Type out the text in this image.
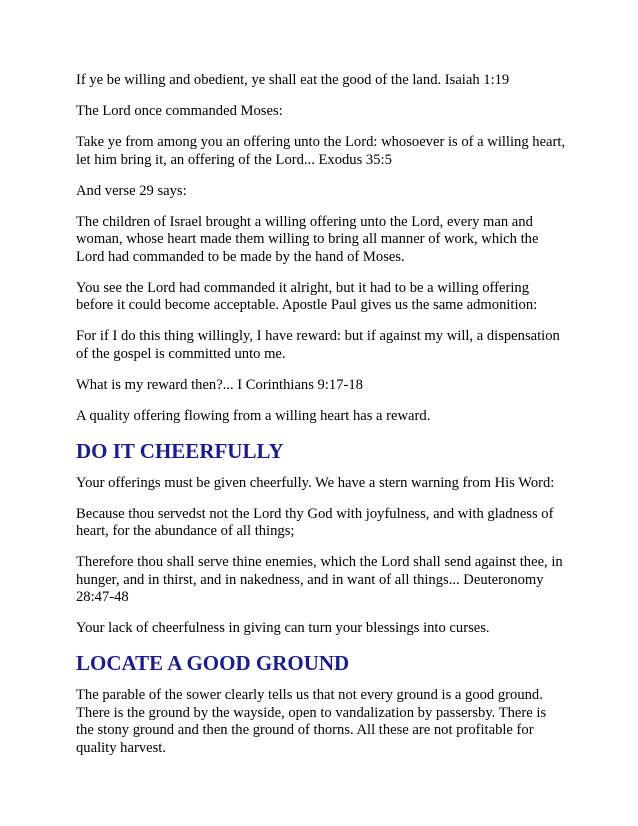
If ye be willing and obedient, ye shall eat the good of the land. Isaiah 1:19

The Lord once commanded Moses:

Take ye from among you an offering unto the Lord: whosoever is of a willing heart, let him bring it, an offering of the Lord... Exodus 35:5

And verse 29 says:

The children of Israel brought a willing offering unto the Lord, every man and woman, whose heart made them willing to bring all manner of work, which the Lord had commanded to be made by the hand of Moses.

You see the Lord had commanded it alright, but it had to be a willing offering before it could become acceptable. Apostle Paul gives us the same admonition:

For if I do this thing willingly, I have reward: but if against my will, a dispensation of the gospel is committed unto me.

What is my reward then?... I Corinthians 9:17-18

A quality offering flowing from a willing heart has a reward.

DO IT CHEERFULLY

Your offerings must be given cheerfully. We have a stern warning from His Word:

Because thou servedst not the Lord thy God with joyfulness, and with gladness of heart, for the abundance of all things;

Therefore thou shall serve thine enemies, which the Lord shall send against thee, in hunger, and in thirst, and in nakedness, and in want of all things... Deuteronomy 28:47-48

Your lack of cheerfulness in giving can turn your blessings into curses.

LOCATE A GOOD GROUND

The parable of the sower clearly tells us that not every ground is a good ground. There is the ground by the wayside, open to vandalization by passersby. There is the stony ground and then the ground of thorns. All these are not profitable for quality harvest.
